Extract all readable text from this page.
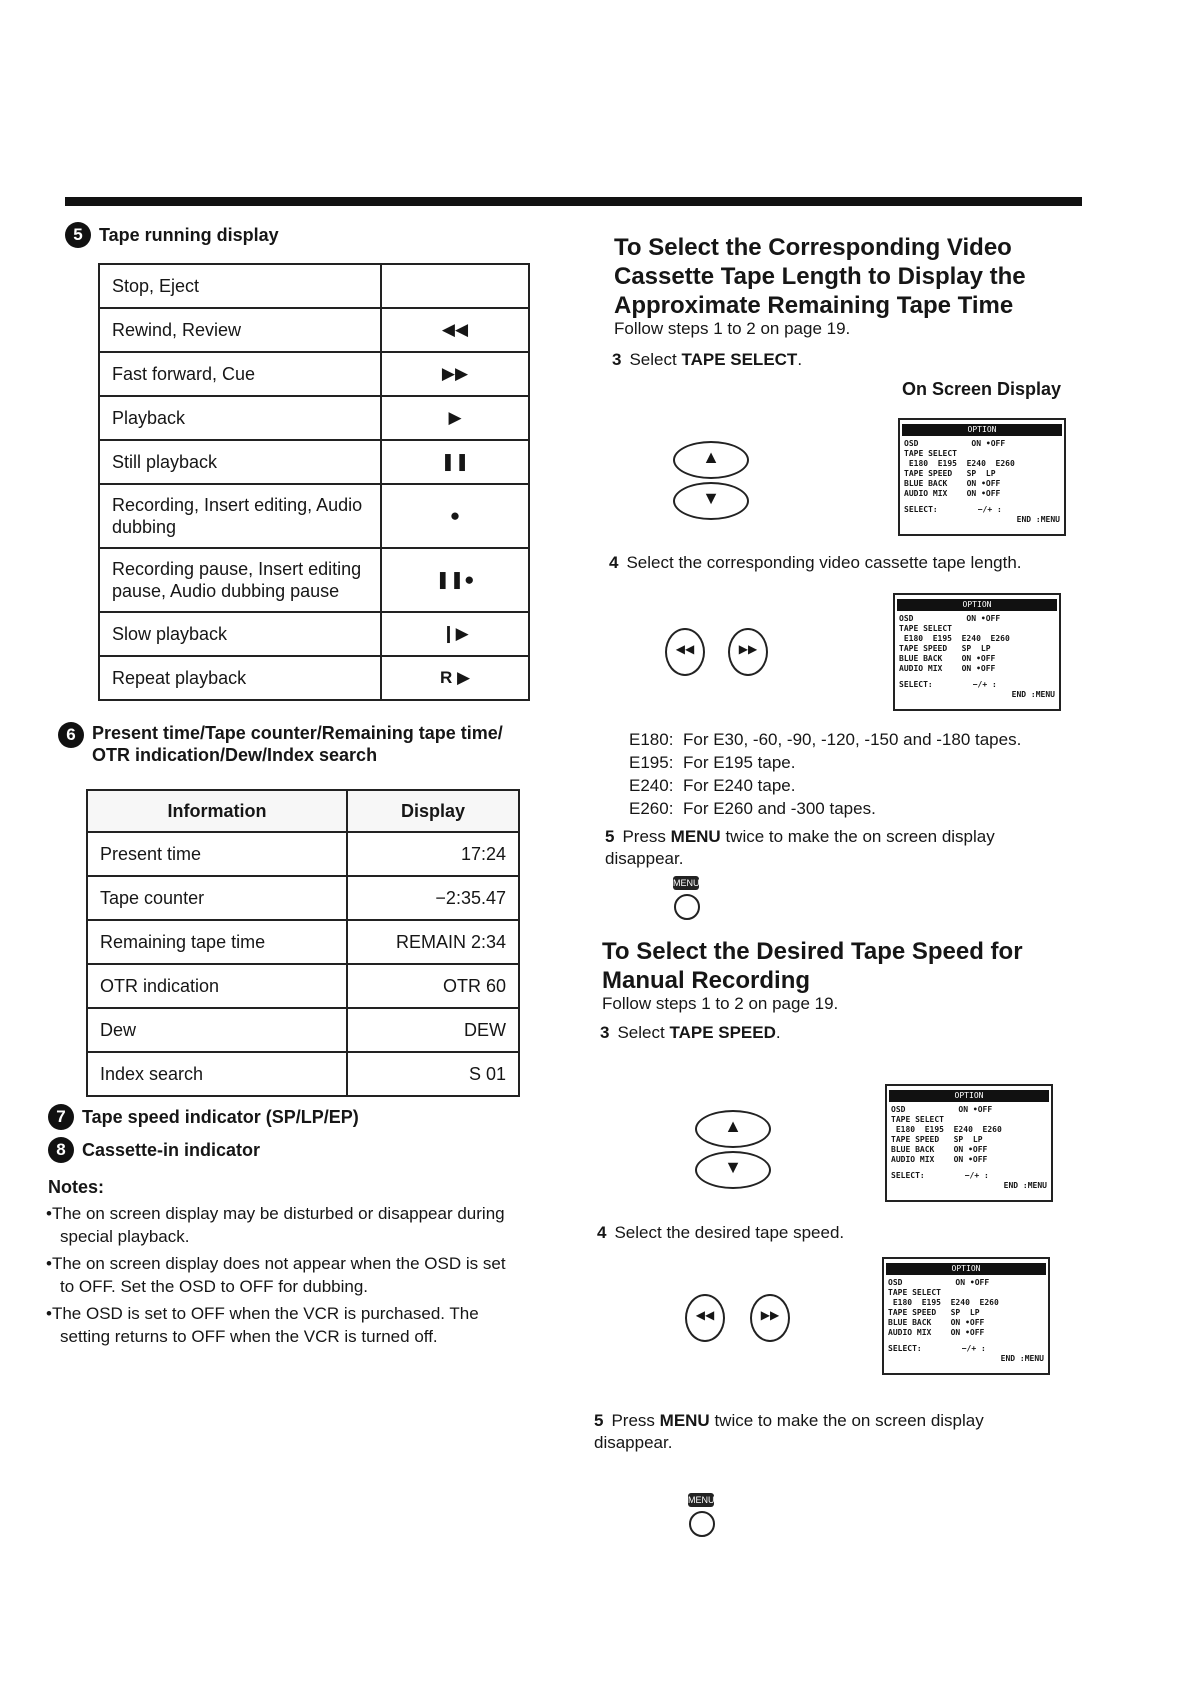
5 Tape running display
Stop, Eject	
Rewind, Review	◀◀
Fast forward, Cue	▶▶
Playback	▶
Still playback	❚❚
Recording, Insert editing, Audio dubbing	●
Recording pause, Insert editing pause, Audio dubbing pause	❚❚●
Slow playback	❙▶
Repeat playback	R ▶
6 Present time/Tape counter/Remaining tape time/ OTR indication/Dew/Index search
Information	Display
Present time	17:24
Tape counter	−2:35.47
Remaining tape time	REMAIN 2:34
OTR indication	OTR 60
Dew	DEW
Index search	S 01
7 Tape speed indicator (SP/LP/EP)
8 Cassette-in indicator
Notes:

•The on screen display may be disturbed or disappear during special playback.

•The on screen display does not appear when the OSD is set to OFF. Set the OSD to OFF for dubbing.

•The OSD is set to OFF when the VCR is purchased. The setting returns to OFF when the VCR is turned off.

To Select the Corresponding Video Cassette Tape Length to Display the Approximate Remaining Tape Time
Follow steps 1 to 2 on page 19.
3 Select TAPE SELECT.
On Screen Display
▲
▼
OPTION
OSD           ON •OFF
TAPE SELECT
E180  E195  E240  E260
TAPE SPEED   SP  LP
BLUE BACK    ON •OFF
AUDIO MIX    ON •OFF
SELECT:	−/+ :
END :MENU
4 Select the corresponding video cassette tape length.
◀◀	▶▶
OPTION
OSD           ON •OFF
TAPE SELECT
E180  E195  E240  E260
TAPE SPEED   SP  LP
BLUE BACK    ON •OFF
AUDIO MIX    ON •OFF
SELECT:	−/+ :
END :MENU
E180: For E30, -60, -90, -120, -150 and -180 tapes.
E195: For E195 tape.
E240: For E240 tape.
E260: For E260 and -300 tapes.
5 Press MENU twice to make the on screen display disappear.
MENU
To Select the Desired Tape Speed for Manual Recording
Follow steps 1 to 2 on page 19.
3 Select TAPE SPEED.
▲
▼
OPTION
OSD           ON •OFF
TAPE SELECT
E180  E195  E240  E260
TAPE SPEED   SP  LP
BLUE BACK    ON •OFF
AUDIO MIX    ON •OFF
SELECT:	−/+ :
END :MENU
4 Select the desired tape speed.
◀◀	▶▶
OPTION
OSD           ON •OFF
TAPE SELECT
E180  E195  E240  E260
TAPE SPEED   SP  LP
BLUE BACK    ON •OFF
AUDIO MIX    ON •OFF
SELECT:	−/+ :
END :MENU
5 Press MENU twice to make the on screen display disappear.
MENU
